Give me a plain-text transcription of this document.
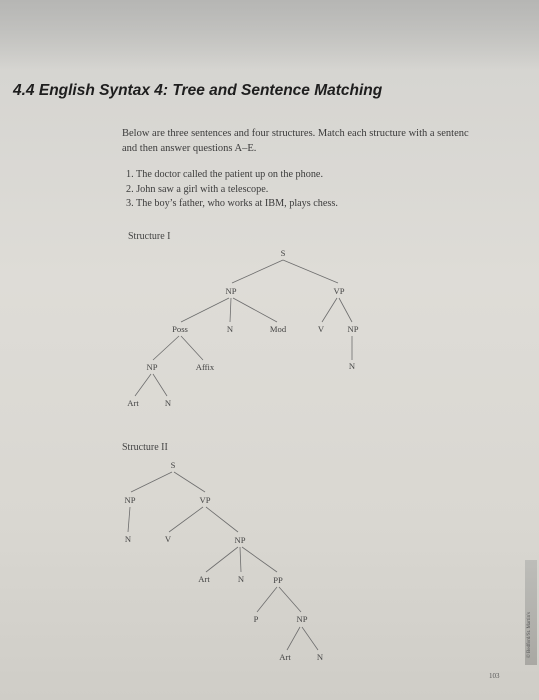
4.4 English Syntax 4: Tree and Sentence Matching
Below are three sentences and four structures. Match each structure with a sentenc
and then answer questions A–E.
1. The doctor called the patient up on the phone.
2. John saw a girl with a telescope.
3. The boy’s father, who works at IBM, plays chess.
Structure I
S
NP	VP
Poss	N	Mod	V	NP
N
NP	Affix
Art	N
Structure II
S
NP	VP
N	V	NP
Art	N	PP
P	NP
Art	N	© Bedford/St. Martin's
103
